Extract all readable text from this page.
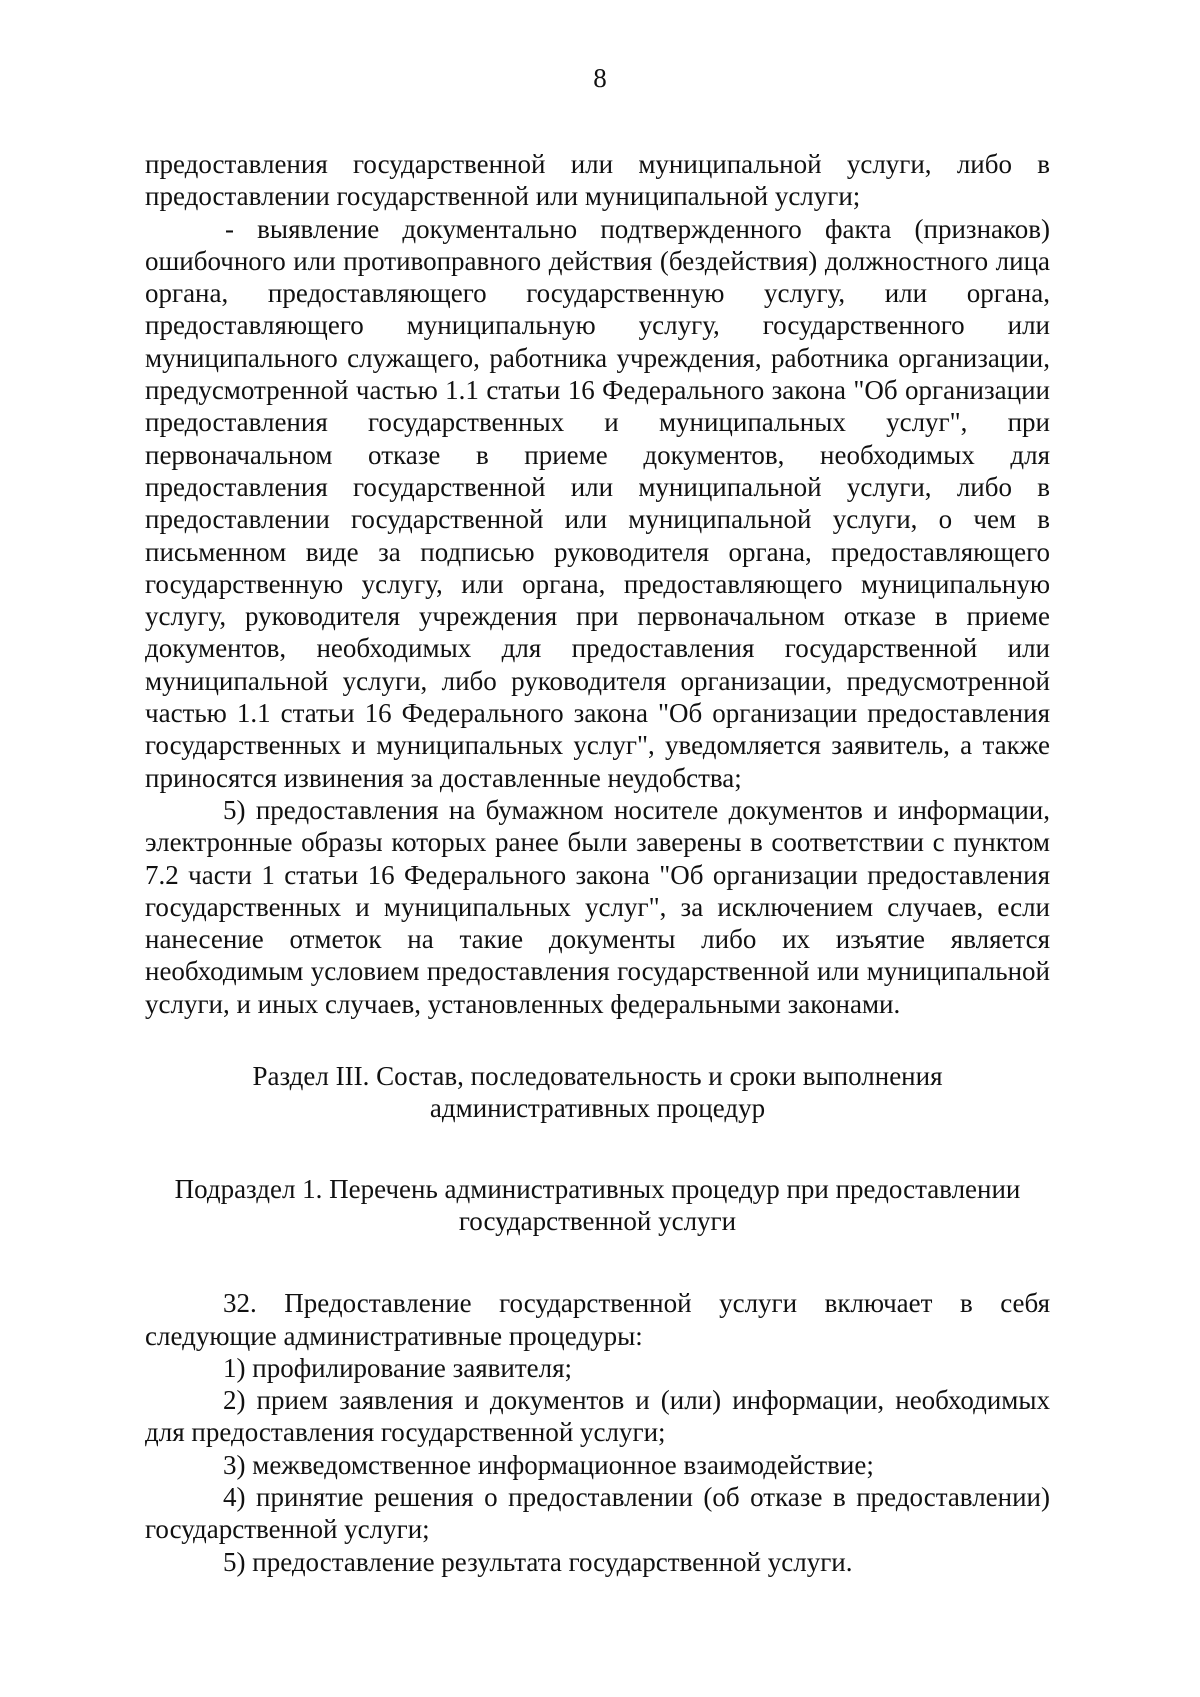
8

предоставления государственной или муниципальной услуги, либо в предоставлении государственной или муниципальной услуги;

- выявление документально подтвержденного факта (признаков) ошибочного или противоправного действия (бездействия) должностного лица органа, предоставляющего государственную услугу, или органа, предоставляющего муниципальную услугу, государственного или муниципального служащего, работника учреждения, работника организации, предусмотренной частью 1.1 статьи 16 Федерального закона "Об организации предоставления государственных и муниципальных услуг", при первоначальном отказе в приеме документов, необходимых для предоставления государственной или муниципальной услуги, либо в предоставлении государственной или муниципальной услуги, о чем в письменном виде за подписью руководителя органа, предоставляющего государственную услугу, или органа, предоставляющего муниципальную услугу, руководителя учреждения при первоначальном отказе в приеме документов, необходимых для предоставления государственной или муниципальной услуги, либо руководителя организации, предусмотренной частью 1.1 статьи 16 Федерального закона "Об организации предоставления государственных и муниципальных услуг", уведомляется заявитель, а также приносятся извинения за доставленные неудобства;

5) предоставления на бумажном носителе документов и информации, электронные образы которых ранее были заверены в соответствии с пунктом 7.2 части 1 статьи 16 Федерального закона "Об организации предоставления государственных и муниципальных услуг", за исключением случаев, если нанесение отметок на такие документы либо их изъятие является необходимым условием предоставления государственной или муниципальной услуги, и иных случаев, установленных федеральными законами.

Раздел III. Состав, последовательность и сроки выполнения
административных процедур

Подраздел 1. Перечень административных процедур при предоставлении
государственной услуги

32. Предоставление государственной услуги включает в себя следующие административные процедуры:

1) профилирование заявителя;

2) прием заявления и документов и (или) информации, необходимых для предоставления государственной услуги;

3) межведомственное информационное взаимодействие;

4) принятие решения о предоставлении (об отказе в предоставлении) государственной услуги;

5) предоставление результата государственной услуги.
